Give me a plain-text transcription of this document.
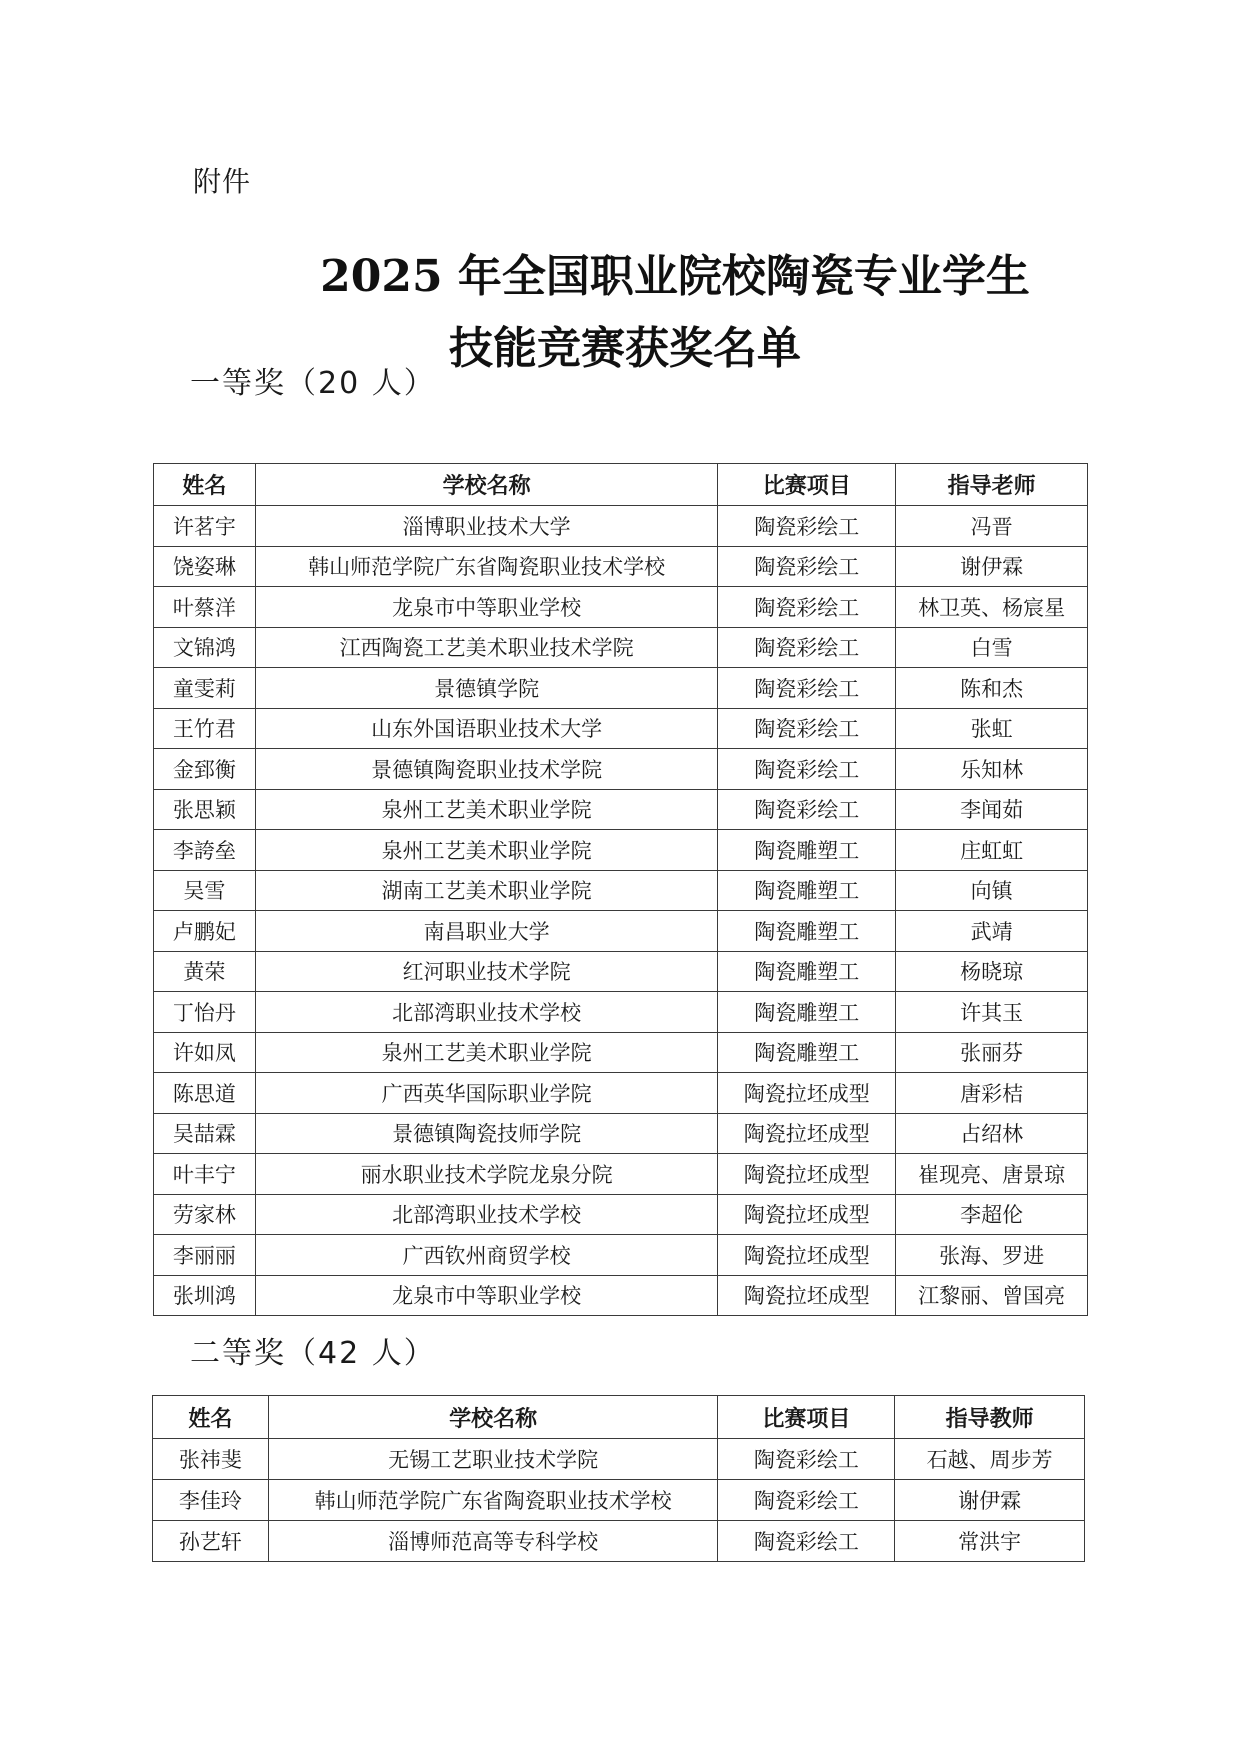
附件
2025 年全国职业院校陶瓷专业学生
技能竞赛获奖名单
一等奖（20 人）
姓名	学校名称	比赛项目	指导老师
许茗宇	淄博职业技术大学	陶瓷彩绘工	冯晋
饶姿琳	韩山师范学院广东省陶瓷职业技术学校	陶瓷彩绘工	谢伊霖
叶蔡洋	龙泉市中等职业学校	陶瓷彩绘工	林卫英、杨宸星
文锦鸿	江西陶瓷工艺美术职业技术学院	陶瓷彩绘工	白雪
童雯莉	景德镇学院	陶瓷彩绘工	陈和杰
王竹君	山东外国语职业技术大学	陶瓷彩绘工	张虹
金郅衡	景德镇陶瓷职业技术学院	陶瓷彩绘工	乐知林
张思颖	泉州工艺美术职业学院	陶瓷彩绘工	李闻茹
李誇垒	泉州工艺美术职业学院	陶瓷雕塑工	庄虹虹
吴雪	湖南工艺美术职业学院	陶瓷雕塑工	向镇
卢鹏妃	南昌职业大学	陶瓷雕塑工	武靖
黄荣	红河职业技术学院	陶瓷雕塑工	杨晓琼
丁怡丹	北部湾职业技术学校	陶瓷雕塑工	许其玉
许如凤	泉州工艺美术职业学院	陶瓷雕塑工	张丽芬
陈思道	广西英华国际职业学院	陶瓷拉坯成型	唐彩桔
吴喆霖	景德镇陶瓷技师学院	陶瓷拉坯成型	占绍林
叶丰宁	丽水职业技术学院龙泉分院	陶瓷拉坯成型	崔现亮、唐景琼
劳家林	北部湾职业技术学校	陶瓷拉坯成型	李超伦
李丽丽	广西钦州商贸学校	陶瓷拉坯成型	张海、罗进
张圳鸿	龙泉市中等职业学校	陶瓷拉坯成型	江黎丽、曾国亮
二等奖（42 人）
姓名	学校名称	比赛项目	指导教师
张祎斐	无锡工艺职业技术学院	陶瓷彩绘工	石越、周步芳
李佳玲	韩山师范学院广东省陶瓷职业技术学校	陶瓷彩绘工	谢伊霖
孙艺轩	淄博师范高等专科学校	陶瓷彩绘工	常洪宇
